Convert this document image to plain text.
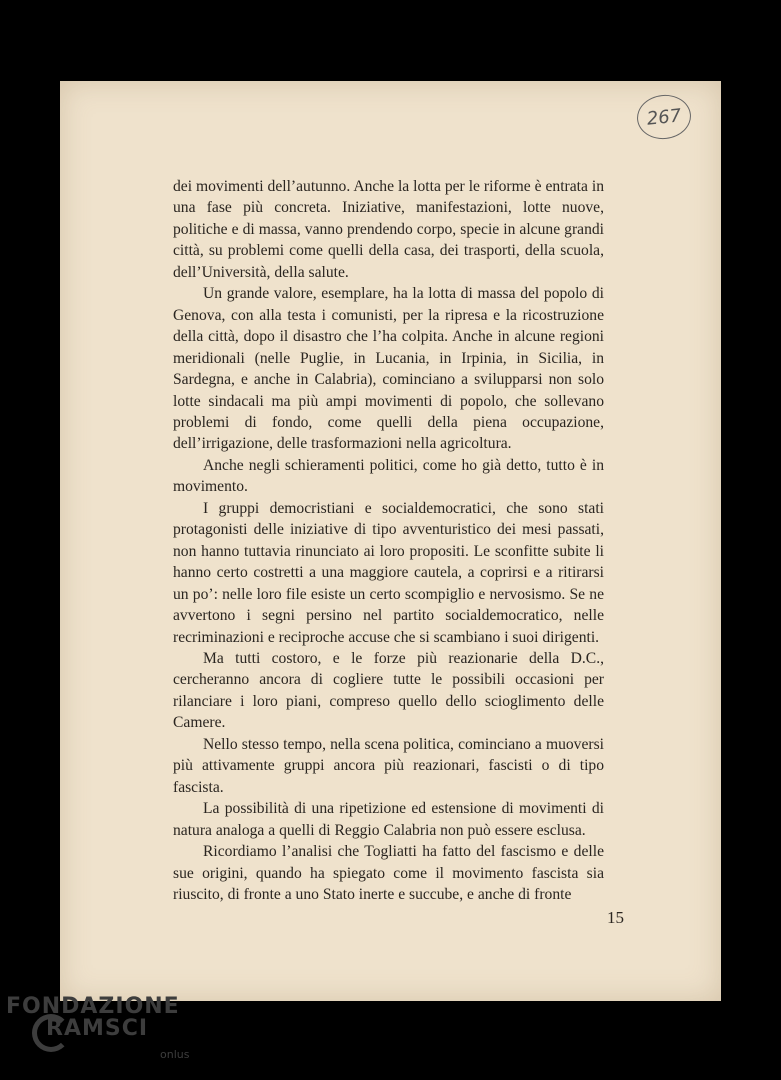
267

dei movimenti dell’autunno. Anche la lotta per le riforme è entrata in una fase più concreta. Iniziative, manifestazioni, lotte nuove, politiche e di massa, vanno prendendo corpo, specie in alcune grandi città, su problemi come quelli della casa, dei trasporti, della scuola, dell’Università, della salute.

Un grande valore, esemplare, ha la lotta di massa del popolo di Genova, con alla testa i comunisti, per la ripresa e la ricostruzione della città, dopo il disastro che l’ha colpita. Anche in alcune regioni meridionali (nelle Puglie, in Lucania, in Irpinia, in Sicilia, in Sardegna, e anche in Calabria), cominciano a svilupparsi non solo lotte sindacali ma più ampi movimenti di popolo, che sollevano problemi di fondo, come quelli della piena occupazione, dell’irrigazione, delle trasformazioni nella agricoltura.

Anche negli schieramenti politici, come ho già detto, tutto è in movimento.

I gruppi democristiani e socialdemocratici, che sono stati protagonisti delle iniziative di tipo avventuristico dei mesi passati, non hanno tuttavia rinunciato ai loro propositi. Le sconfitte subite li hanno certo costretti a una maggiore cautela, a coprirsi e a ritirarsi un po’: nelle loro file esiste un certo scompiglio e nervosismo. Se ne avvertono i segni persino nel partito socialdemocratico, nelle recriminazioni e reciproche accuse che si scambiano i suoi dirigenti.

Ma tutti costoro, e le forze più reazionarie della D.C., cercheranno ancora di cogliere tutte le possibili occasioni per rilanciare i loro piani, compreso quello dello scioglimento delle Camere.

Nello stesso tempo, nella scena politica, cominciano a muoversi più attivamente gruppi ancora più reazionari, fascisti o di tipo fascista.

La possibilità di una ripetizione ed estensione di movimenti di natura analoga a quelli di Reggio Calabria non può essere esclusa.

Ricordiamo l’analisi che Togliatti ha fatto del fascismo e delle sue origini, quando ha spiegato come il movimento fascista sia riuscito, di fronte a uno Stato inerte e succube, e anche di fronte

15
FONDAZIONE
RAMSCI
onlus
